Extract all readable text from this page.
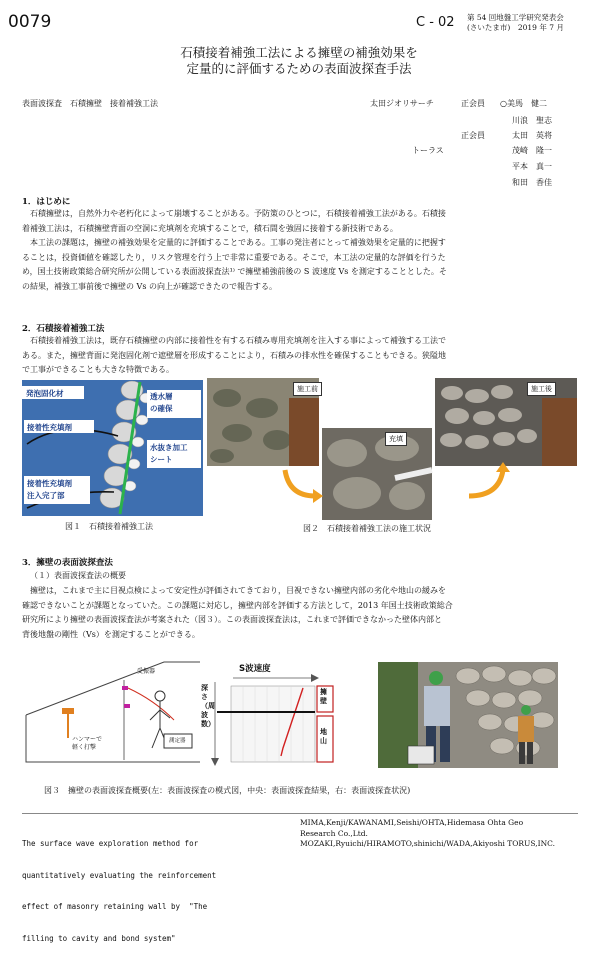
0079	C - 02 第 54 回地盤工学研究発表会
(さいたま市)　2019 年 7 月
石積接着補強工法による擁壁の補強効果を
定量的に評価するための表面波探査手法
表面波探査　石積擁壁　接着補強工法	太田ジオリサーチ	正会員 ○美馬　健二
川浪　聖志
正会員	太田　英将
トーラス	茂崎　隆一
平本　真一
和田　香佳
1．はじめに
　石積擁壁は，自然外力や老朽化によって崩壊することがある。予防策のひとつに，石積接着補強工法がある。石積接
着補強工法は，石積擁壁背面の空洞に充填剤を充填することで，積石間を強固に接着する新技術である。
　本工法の課題は，擁壁の補強効果を定量的に評価することである。工事の発注者にとって補強効果を定量的に把握す
ることは，投資価値を確認したり，リスク管理を行う上で非常に重要である。そこで，本工法の定量的な評価を行うた
め，国土技術政策総合研究所が公開している表面波探査法¹⁾ で擁壁補強前後の S 波速度 Vs を測定することとした。そ
の結果，補強工事前後で擁壁の Vs の向上が確認できたので報告する。
2．石積接着補強工法
　石積接着補強工法は，既存石積擁壁の内部に接着性を有する石積み専用充填剤を注入する事によって補強する工法で
ある。また，擁壁背面に発泡固化剤で遮壁層を形成することにより，石積みの排水性を確保することもできる。狭隘地
で工事ができることも大きな特徴である。
発泡固化材	透水層
の確保
接着性充填剤
水抜き加工
シート
接着性充填剤
注入完了部
図１　石積接着補強工法
施工前
充填
施工後
図２　石積接着補強工法の施工状況
3．擁壁の表面波探査法
（１）表面波探査法の概要
　擁壁は，これまで主に目視点検によって安定性が評価されてきており，目視できない擁壁内部の劣化や地山の緩みを
確認できないことが課題となっていた。この課題に対応し，擁壁内部を評価する方法として，2013 年国土技術政策総合
研究所により擁壁の表面波探査法が考案された（図３）。この表面波探査法は，これまで評価できなかった壁体内部と
背後地盤の剛性（Vs）を測定することができる。
受振器
ハンマーで
軽く打撃
測定器
S波速度
深さ（周波数）
擁壁
地山
図３　擁壁の表面波探査概要(左：表面波探査の模式図，中央：表面波探査結果，右：表面波探査状況)

The surface wave exploration method for

quantitatively evaluating the reinforcement

effect of masonry retaining wall by  "The

filling to cavity and bond system"

MIMA,Kenji/KAWANAMI,Seishi/OHTA,Hidemasa Ohta Geo
Research Co.,Ltd.
MOZAKI,Ryuichi/HIRAMOTO,shinichi/WADA,Akiyoshi TORUS,INC.
